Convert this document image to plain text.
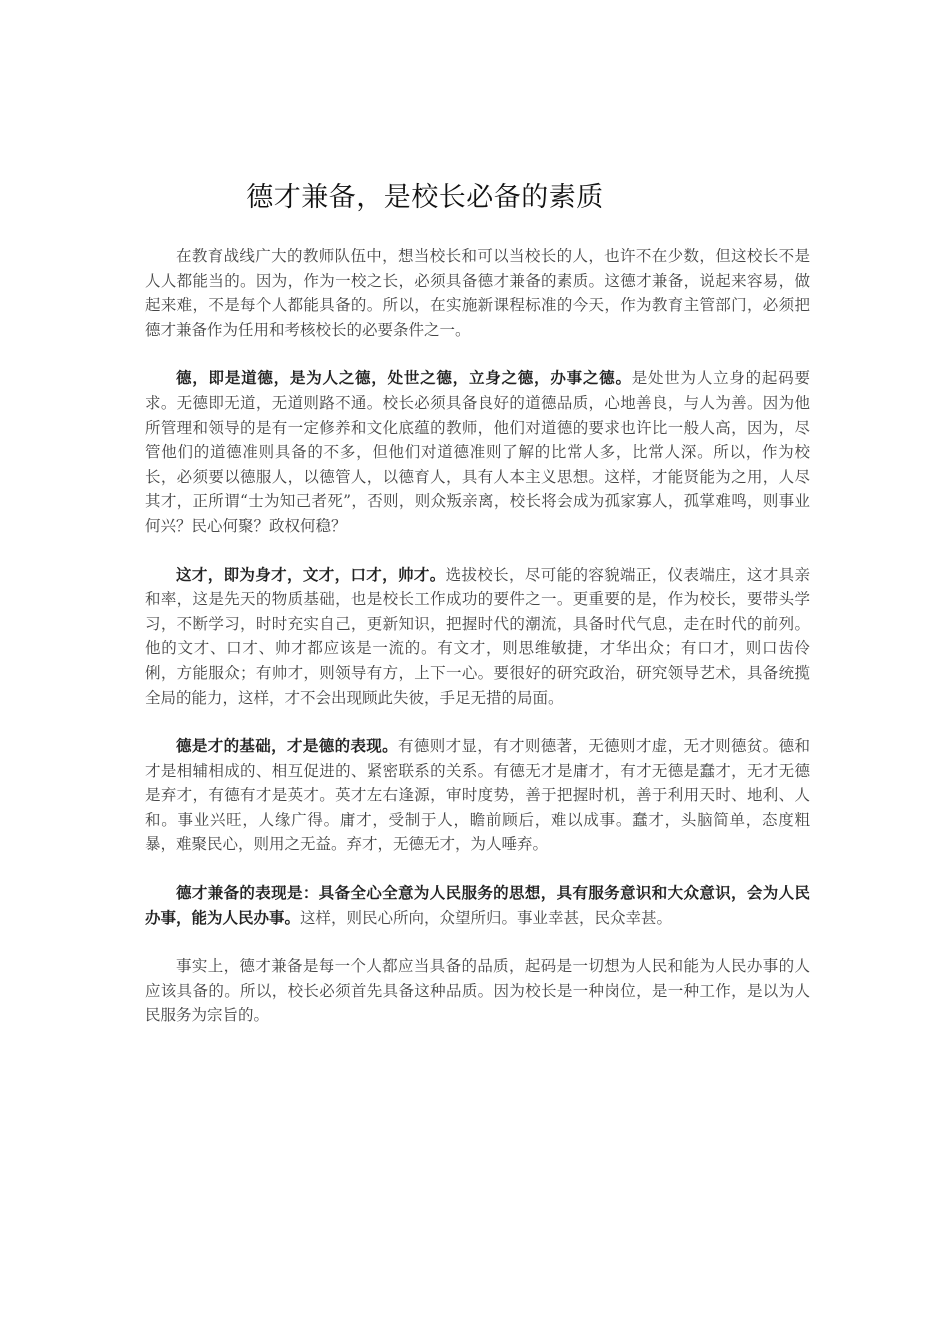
德才兼备，是校长必备的素质

在教育战线广大的教师队伍中，想当校长和可以当校长的人，也许不在少数，但这校长不是人人都能当的。因为，作为一校之长，必须具备德才兼备的素质。这德才兼备，说起来容易，做起来难，不是每个人都能具备的。所以，在实施新课程标准的今天，作为教育主管部门，必须把德才兼备作为任用和考核校长的必要条件之一。

德，即是道德，是为人之德，处世之德，立身之德，办事之德。是处世为人立身的起码要求。无德即无道，无道则路不通。校长必须具备良好的道德品质，心地善良，与人为善。因为他所管理和领导的是有一定修养和文化底蕴的教师，他们对道德的要求也许比一般人高，因为，尽管他们的道德准则具备的不多，但他们对道德准则了解的比常人多，比常人深。所以，作为校长，必须要以德服人，以德管人，以德育人，具有人本主义思想。这样，才能贤能为之用，人尽其才，正所谓“士为知己者死”，否则，则众叛亲离，校长将会成为孤家寡人，孤掌难鸣，则事业何兴？民心何聚？政权何稳？

这才，即为身才，文才，口才，帅才。选拔校长，尽可能的容貌端正，仪表端庄，这才具亲和率，这是先天的物质基础，也是校长工作成功的要件之一。更重要的是，作为校长，要带头学习，不断学习，时时充实自己，更新知识，把握时代的潮流，具备时代气息，走在时代的前列。他的文才、口才、帅才都应该是一流的。有文才，则思维敏捷，才华出众；有口才，则口齿伶俐，方能服众；有帅才，则领导有方，上下一心。要很好的研究政治，研究领导艺术，具备统揽全局的能力，这样，才不会出现顾此失彼，手足无措的局面。

德是才的基础，才是德的表现。有德则才显，有才则德著，无德则才虚，无才则德贫。德和才是相辅相成的、相互促进的、紧密联系的关系。有德无才是庸才，有才无德是蠢才，无才无德是弃才，有德有才是英才。英才左右逢源，审时度势，善于把握时机，善于利用天时、地利、人和。事业兴旺，人缘广得。庸才，受制于人，瞻前顾后，难以成事。蠢才，头脑简单，态度粗暴，难聚民心，则用之无益。弃才，无德无才，为人唾弃。

德才兼备的表现是：具备全心全意为人民服务的思想，具有服务意识和大众意识，会为人民办事，能为人民办事。这样，则民心所向，众望所归。事业幸甚，民众幸甚。

事实上，德才兼备是每一个人都应当具备的品质，起码是一切想为人民和能为人民办事的人应该具备的。所以，校长必须首先具备这种品质。因为校长是一种岗位，是一种工作，是以为人民服务为宗旨的。
